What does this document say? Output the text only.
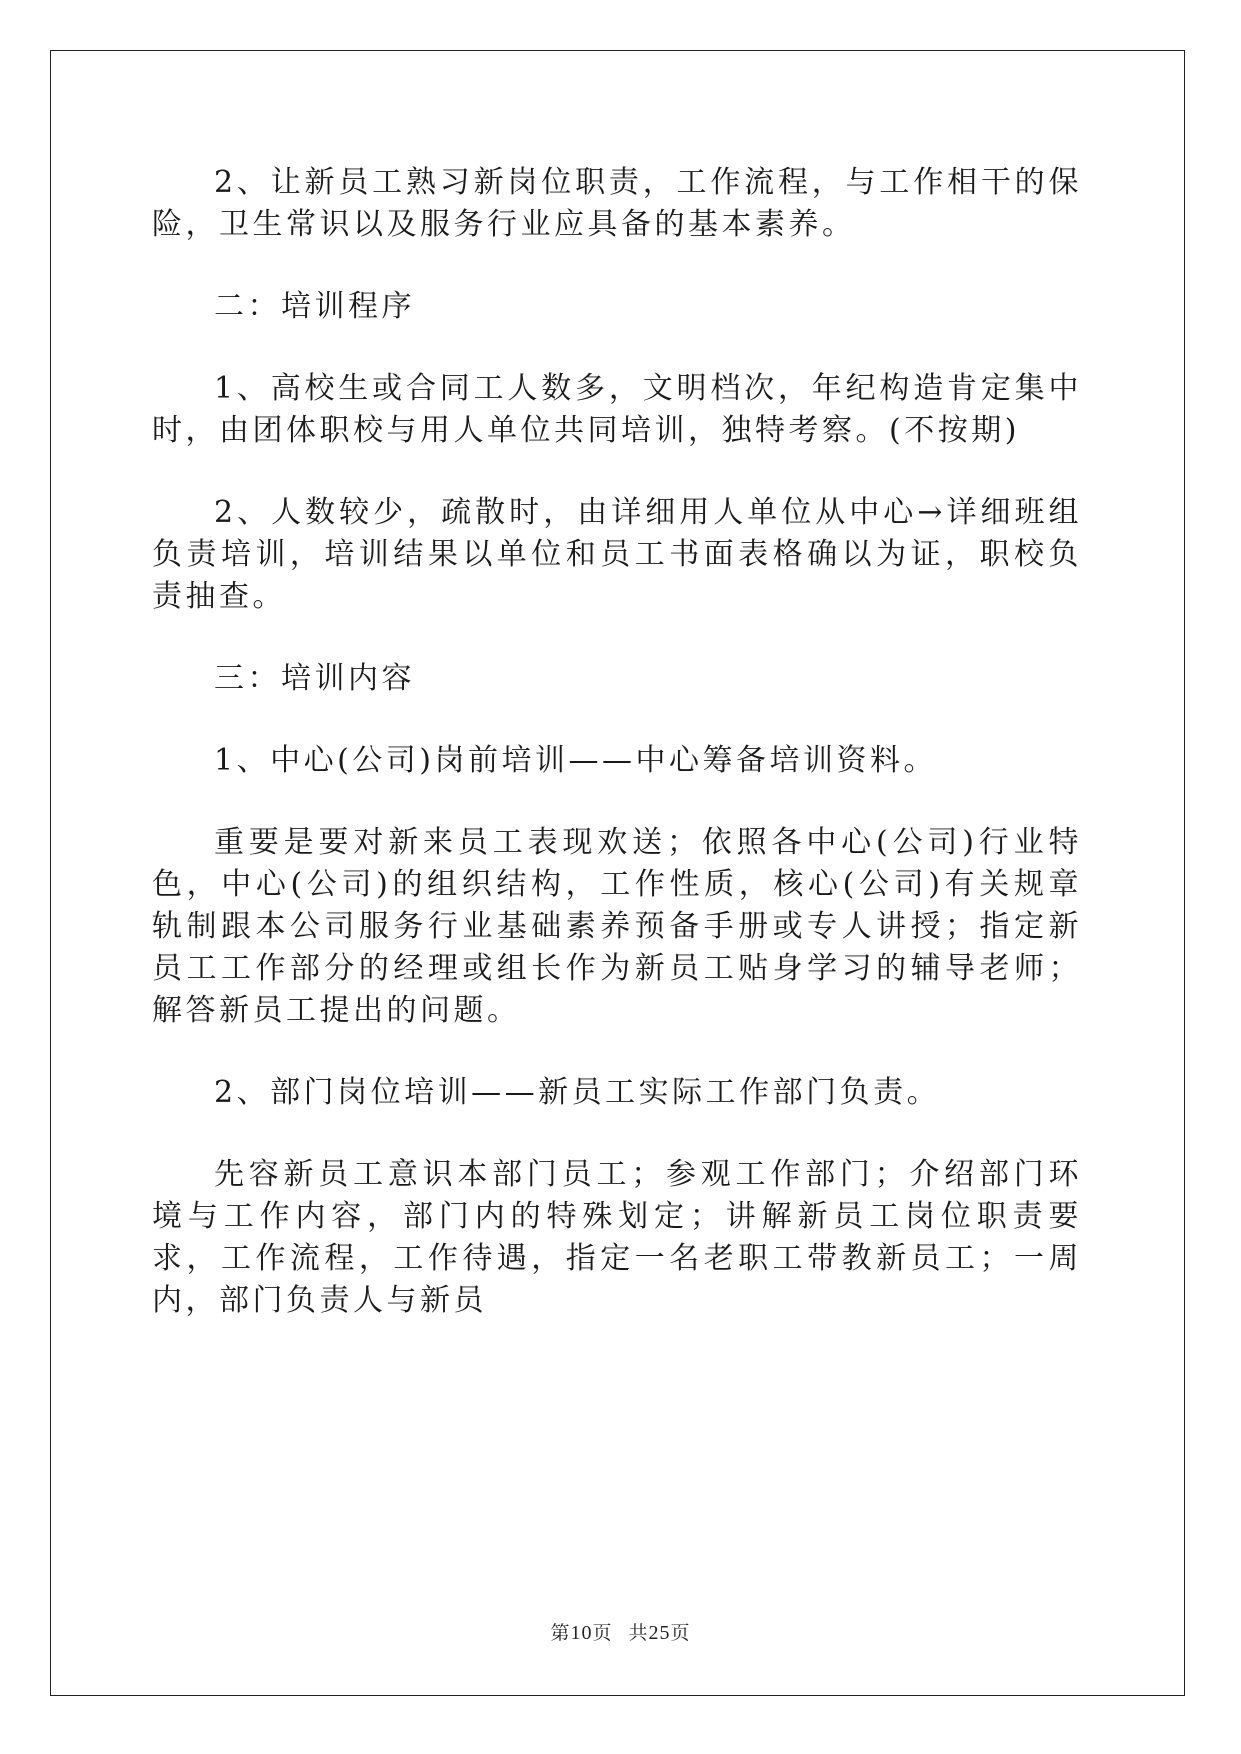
2、让新员工熟习新岗位职责，工作流程，与工作相干的保险，卫生常识以及服务行业应具备的基本素养。

二：培训程序

1、高校生或合同工人数多，文明档次，年纪构造肯定集中时，由团体职校与用人单位共同培训，独特考察。(不按期)

2、人数较少，疏散时，由详细用人单位从中心→详细班组负责培训，培训结果以单位和员工书面表格确以为证，职校负责抽查。

三：培训内容

1、中心(公司)岗前培训——中心筹备培训资料。

重要是要对新来员工表现欢送；依照各中心(公司)行业特色，中心(公司)的组织结构，工作性质，核心(公司)有关规章轨制跟本公司服务行业基础素养预备手册或专人讲授；指定新员工工作部分的经理或组长作为新员工贴身学习的辅导老师；解答新员工提出的问题。

2、部门岗位培训——新员工实际工作部门负责。

先容新员工意识本部门员工；参观工作部门；介绍部门环境与工作内容，部门内的特殊划定；讲解新员工岗位职责要求，工作流程，工作待遇，指定一名老职工带教新员工；一周内，部门负责人与新员

第10页 共25页
